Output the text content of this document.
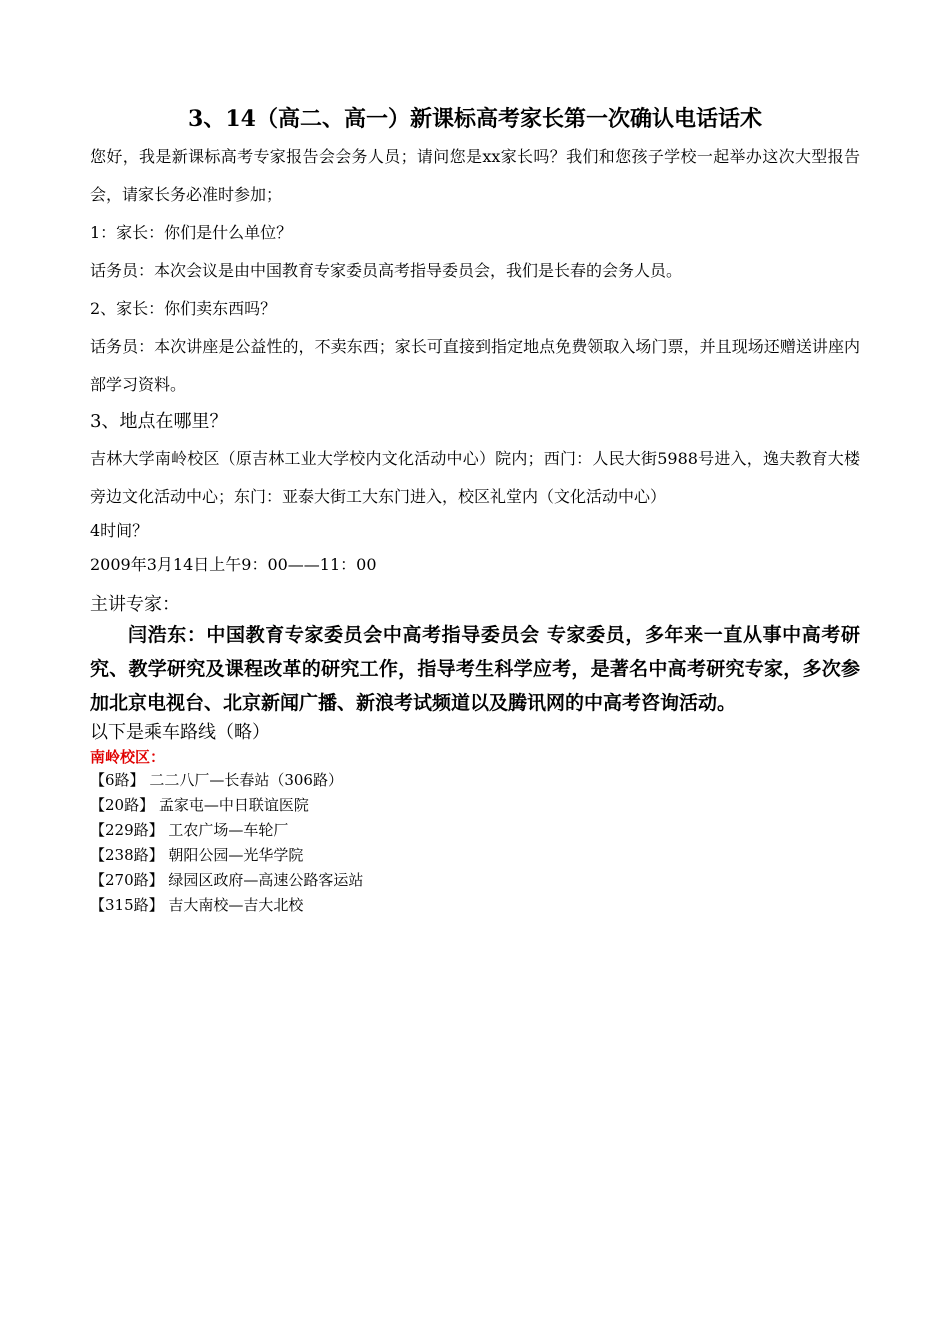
3、14（高二、高一）新课标高考家长第一次确认电话话术

您好，我是新课标高考专家报告会会务人员；请问您是xx家长吗？我们和您孩子学校一起举办这次大型报告会，请家长务必准时参加；

1：家长：你们是什么单位？

话务员：本次会议是由中国教育专家委员高考指导委员会，我们是长春的会务人员。

2、家长：你们卖东西吗？

话务员：本次讲座是公益性的，不卖东西；家长可直接到指定地点免费领取入场门票，并且现场还赠送讲座内部学习资料。

3、地点在哪里？

吉林大学南岭校区（原吉林工业大学校内文化活动中心）院内；西门：人民大街5988号进入，逸夫教育大楼旁边文化活动中心；东门：亚泰大街工大东门进入，校区礼堂内（文化活动中心）

4时间？

2009年3月14日上午9：00——11：00

主讲专家：

闫浩东：中国教育专家委员会中高考指导委员会 专家委员，多年来一直从事中高考研究、教学研究及课程改革的研究工作，指导考生科学应考，是著名中高考研究专家，多次参加北京电视台、北京新闻广播、新浪考试频道以及腾讯网的中高考咨询活动。

以下是乘车路线（略）

南岭校区：

【6路】 二二八厂—长春站（306路）

【20路】 孟家屯—中日联谊医院

【229路】 工农广场—车轮厂

【238路】 朝阳公园—光华学院

【270路】 绿园区政府—高速公路客运站

【315路】 吉大南校—吉大北校
